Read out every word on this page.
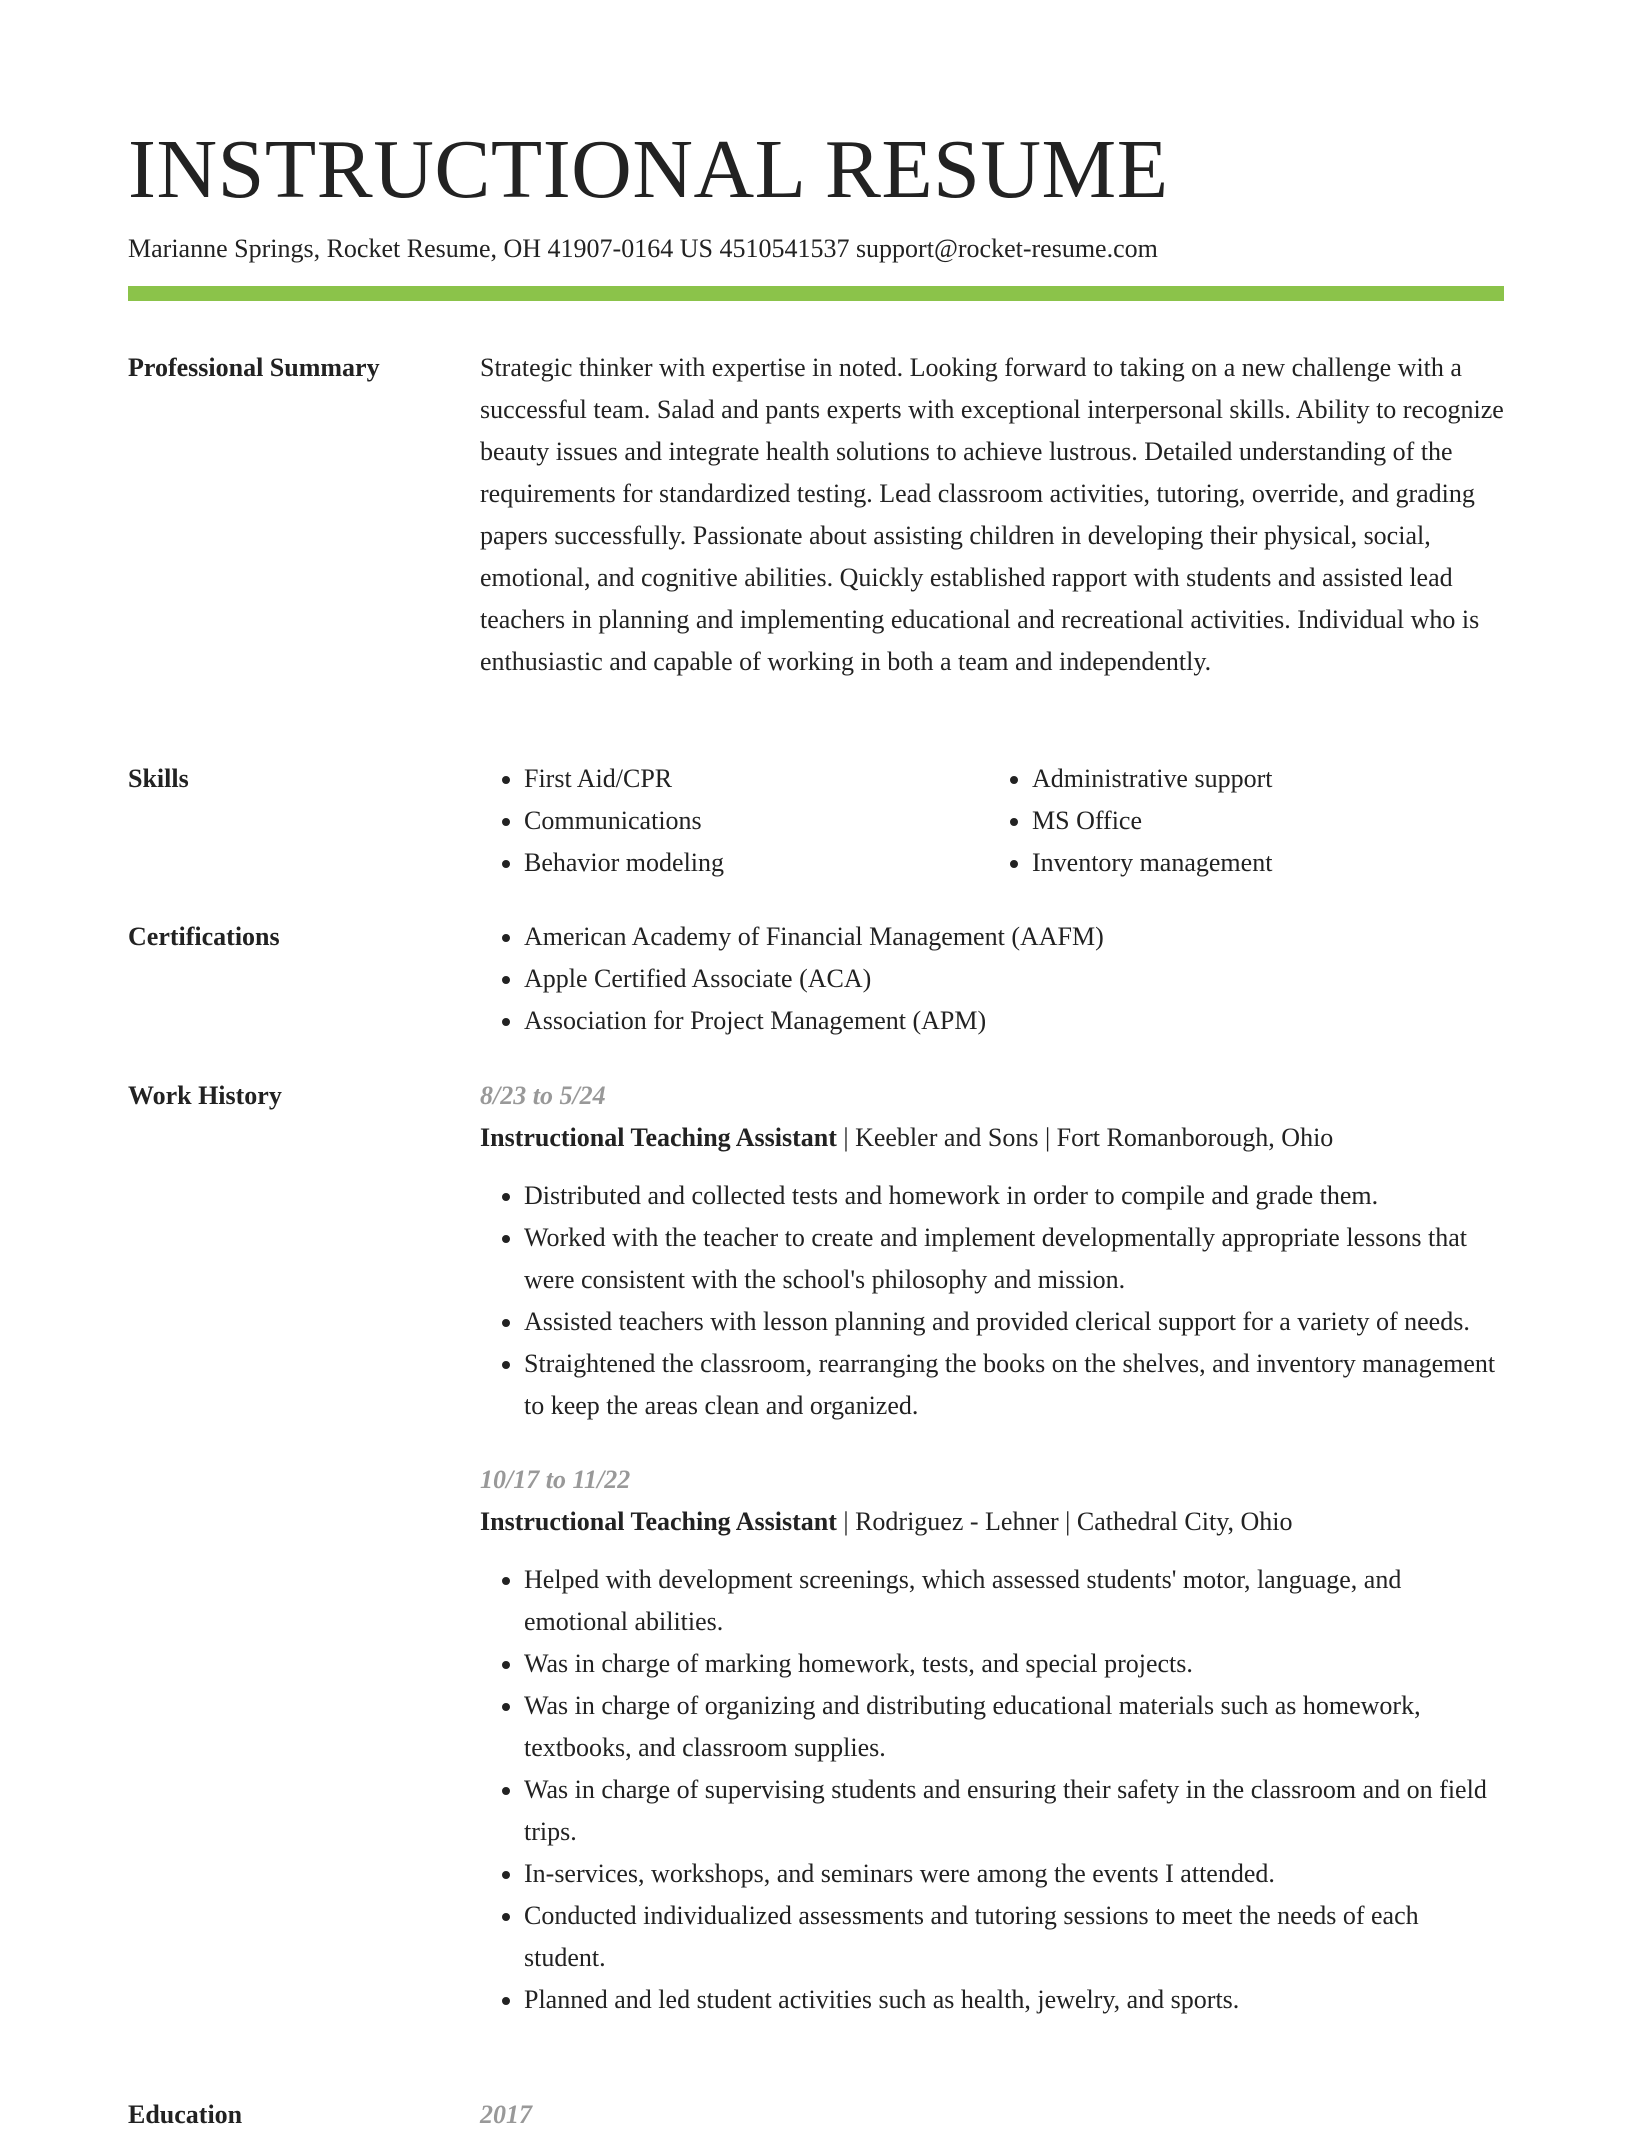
INSTRUCTIONAL RESUME
Marianne Springs, Rocket Resume, OH 41907-0164 US 4510541537 support@rocket-resume.com
Professional Summary	Strategic thinker with expertise in noted. Looking forward to taking on a new challenge with a successful team. Salad and pants experts with exceptional interpersonal skills. Ability to recognize beauty issues and integrate health solutions to achieve lustrous. Detailed understanding of the requirements for standardized testing. Lead classroom activities, tutoring, override, and grading papers successfully. Passionate about assisting children in developing their physical, social, emotional, and cognitive abilities. Quickly established rapport with students and assisted lead teachers in planning and implementing educational and recreational activities. Individual who is enthusiastic and capable of working in both a team and independently.
Skills	• First Aid/CPR
• Communications
• Behavior modeling
• Administrative support
• MS Office
• Inventory management
Certifications	• American Academy of Financial Management (AAFM)
• Apple Certified Associate (ACA)
• Association for Project Management (APM)
Work History	8/23 to 5/24
Instructional Teaching Assistant | Keebler and Sons | Fort Romanborough, Ohio
• Distributed and collected tests and homework in order to compile and grade them.
• Worked with the teacher to create and implement developmentally appropriate lessons that were consistent with the school's philosophy and mission.
• Assisted teachers with lesson planning and provided clerical support for a variety of needs.
• Straightened the classroom, rearranging the books on the shelves, and inventory management to keep the areas clean and organized.
10/17 to 11/22
Instructional Teaching Assistant | Rodriguez - Lehner | Cathedral City, Ohio
• Helped with development screenings, which assessed students' motor, language, and emotional abilities.
• Was in charge of marking homework, tests, and special projects.
• Was in charge of organizing and distributing educational materials such as homework, textbooks, and classroom supplies.
• Was in charge of supervising students and ensuring their safety in the classroom and on field trips.
• In-services, workshops, and seminars were among the events I attended.
• Conducted individualized assessments and tutoring sessions to meet the needs of each student.
• Planned and led student activities such as health, jewelry, and sports.
Education	2017
